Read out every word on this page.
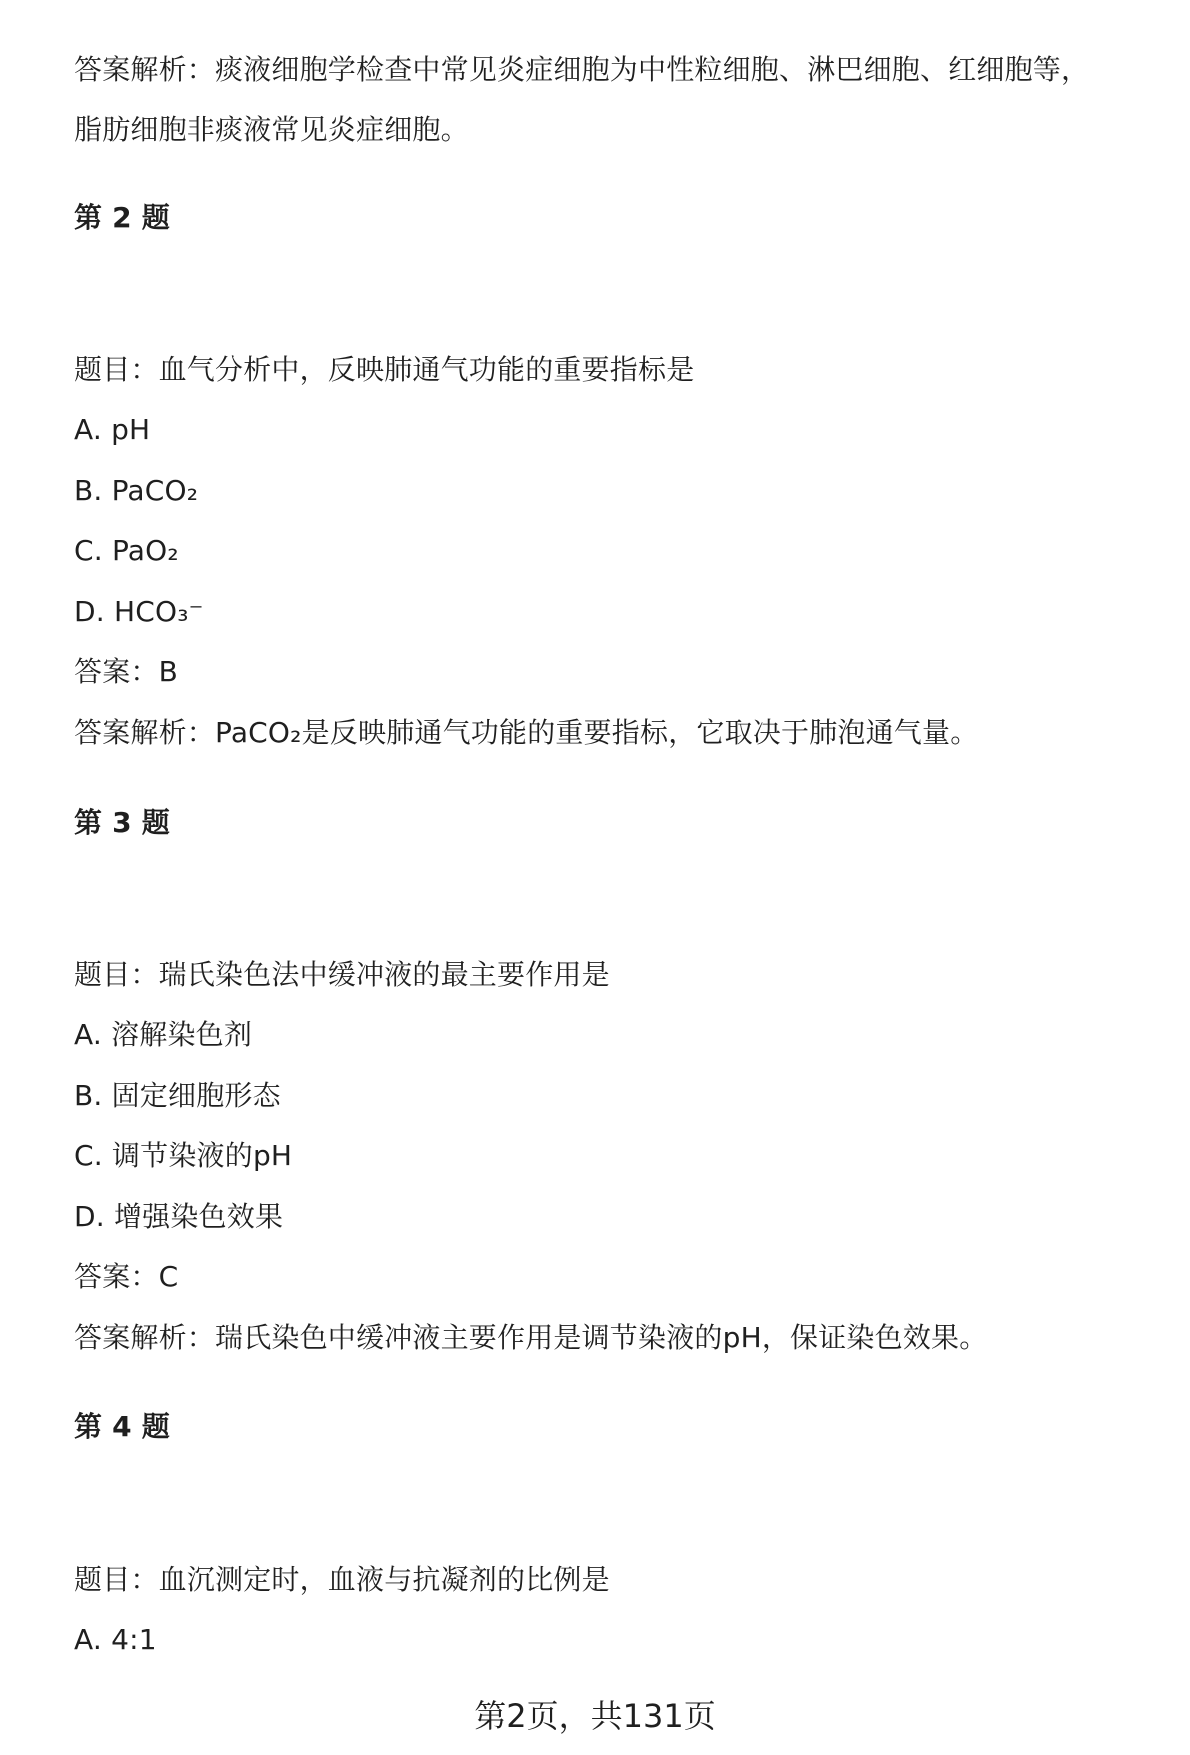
答案解析：痰液细胞学检查中常见炎症细胞为中性粒细胞、淋巴细胞、红细胞等，
脂肪细胞非痰液常见炎症细胞。
第 2 题
题目：血气分析中，反映肺通气功能的重要指标是
A. pH
B. PaCO₂
C. PaO₂
D. HCO₃⁻
答案：B
答案解析：PaCO₂是反映肺通气功能的重要指标，它取决于肺泡通气量。
第 3 题
题目：瑞氏染色法中缓冲液的最主要作用是
A. 溶解染色剂
B. 固定细胞形态
C. 调节染液的pH
D. 增强染色效果
答案：C
答案解析：瑞氏染色中缓冲液主要作用是调节染液的pH，保证染色效果。
第 4 题
题目：血沉测定时，血液与抗凝剂的比例是
A. 4:1
第2页，共131页
